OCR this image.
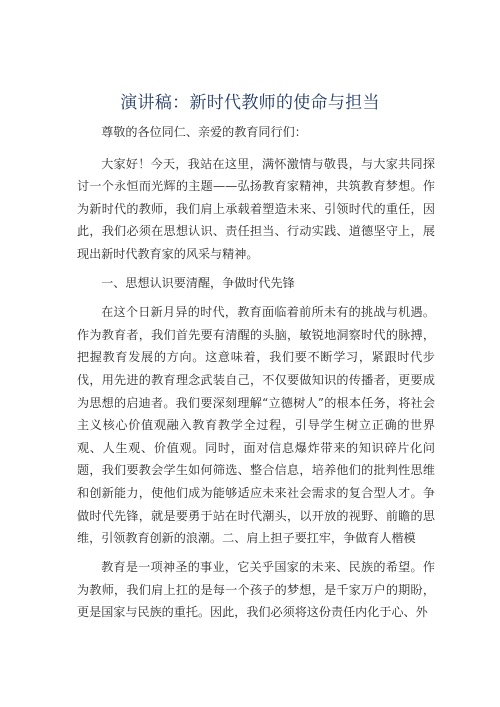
演讲稿：新时代教师的使命与担当

尊敬的各位同仁、亲爱的教育同行们：

大家好！今天，我站在这里，满怀激情与敬畏，与大家共同探讨一个永恒而光辉的主题——弘扬教育家精神，共筑教育梦想。作为新时代的教师，我们肩上承载着塑造未来、引领时代的重任，因此，我们必须在思想认识、责任担当、行动实践、道德坚守上，展现出新时代教育家的风采与精神。

一、思想认识要清醒，争做时代先锋

在这个日新月异的时代，教育面临着前所未有的挑战与机遇。作为教育者，我们首先要有清醒的头脑，敏锐地洞察时代的脉搏，把握教育发展的方向。这意味着，我们要不断学习，紧跟时代步伐，用先进的教育理念武装自己，不仅要做知识的传播者，更要成为思想的启迪者。我们要深刻理解“立德树人”的根本任务，将社会主义核心价值观融入教育教学全过程，引导学生树立正确的世界观、人生观、价值观。同时，面对信息爆炸带来的知识碎片化问题，我们要教会学生如何筛选、整合信息，培养他们的批判性思维和创新能力，使他们成为能够适应未来社会需求的复合型人才。争做时代先锋，就是要勇于站在时代潮头，以开放的视野、前瞻的思维，引领教育创新的浪潮。二、肩上担子要扛牢，争做育人楷模

教育是一项神圣的事业，它关乎国家的未来、民族的希望。作为教师，我们肩上扛的是每一个孩子的梦想，是千家万户的期盼，更是国家与民族的重托。因此，我们必须将这份责任内化于心、外
